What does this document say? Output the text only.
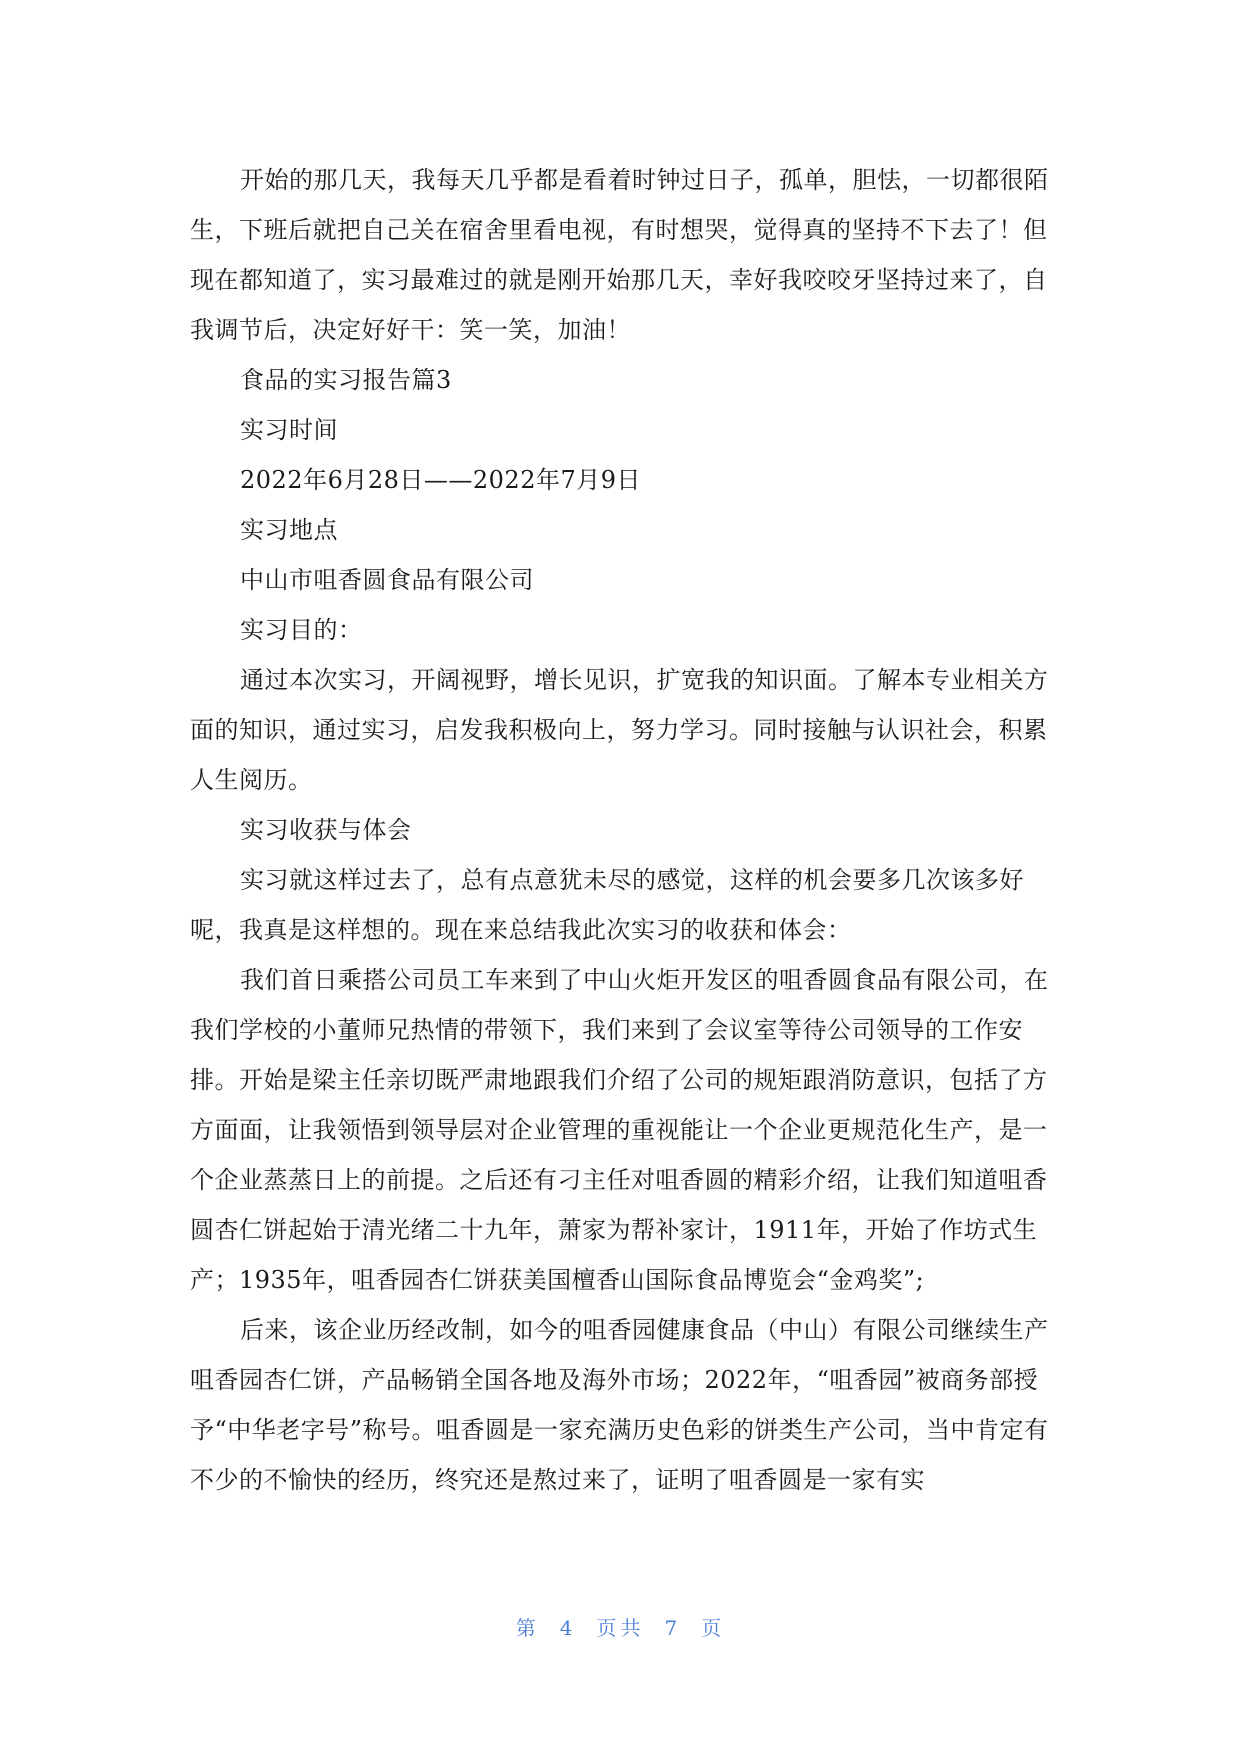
开始的那几天，我每天几乎都是看着时钟过日子，孤单，胆怯，一切都很陌生，下班后就把自己关在宿舍里看电视，有时想哭，觉得真的坚持不下去了！但现在都知道了，实习最难过的就是刚开始那几天，幸好我咬咬牙坚持过来了，自我调节后，决定好好干：笑一笑，加油！

食品的实习报告篇3

实习时间

2022年6月28日——2022年7月9日

实习地点

中山市咀香圆食品有限公司

实习目的：

通过本次实习，开阔视野，增长见识，扩宽我的知识面。了解本专业相关方面的知识，通过实习，启发我积极向上，努力学习。同时接触与认识社会，积累人生阅历。

实习收获与体会

实习就这样过去了，总有点意犹未尽的感觉，这样的机会要多几次该多好呢，我真是这样想的。现在来总结我此次实习的收获和体会：

我们首日乘搭公司员工车来到了中山火炬开发区的咀香圆食品有限公司，在我们学校的小董师兄热情的带领下，我们来到了会议室等待公司领导的工作安排。开始是梁主任亲切既严肃地跟我们介绍了公司的规矩跟消防意识，包括了方方面面，让我领悟到领导层对企业管理的重视能让一个企业更规范化生产，是一个企业蒸蒸日上的前提。之后还有刁主任对咀香圆的精彩介绍，让我们知道咀香圆杏仁饼起始于清光绪二十九年，萧家为帮补家计，1911年，开始了作坊式生产；1935年，咀香园杏仁饼获美国檀香山国际食品博览会“金鸡奖”;

后来，该企业历经改制，如今的咀香园健康食品（中山）有限公司继续生产咀香园杏仁饼，产品畅销全国各地及海外市场；2022年，“咀香园”被商务部授予“中华老字号”称号。咀香圆是一家充满历史色彩的饼类生产公司，当中肯定有不少的不愉快的经历，终究还是熬过来了，证明了咀香圆是一家有实

第 4 页共 7 页
